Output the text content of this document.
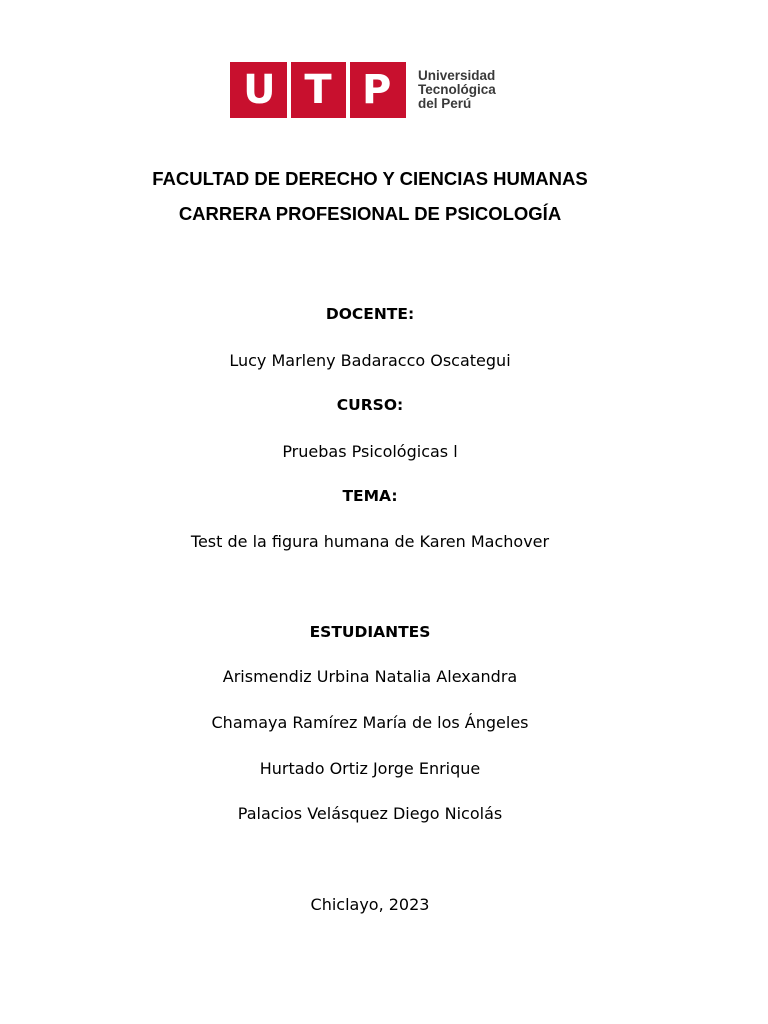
U T P	Universidad
Tecnológica
del Perú
FACULTAD DE DERECHO Y CIENCIAS HUMANAS
CARRERA PROFESIONAL DE PSICOLOGÍA
DOCENTE:
Lucy Marleny Badaracco Oscategui
CURSO:
Pruebas Psicológicas l
TEMA:
Test de la figura humana de Karen Machover
ESTUDIANTES
Arismendiz Urbina Natalia Alexandra
Chamaya Ramírez María de los Ángeles
Hurtado Ortiz Jorge Enrique
Palacios Velásquez Diego Nicolás
Chiclayo, 2023
